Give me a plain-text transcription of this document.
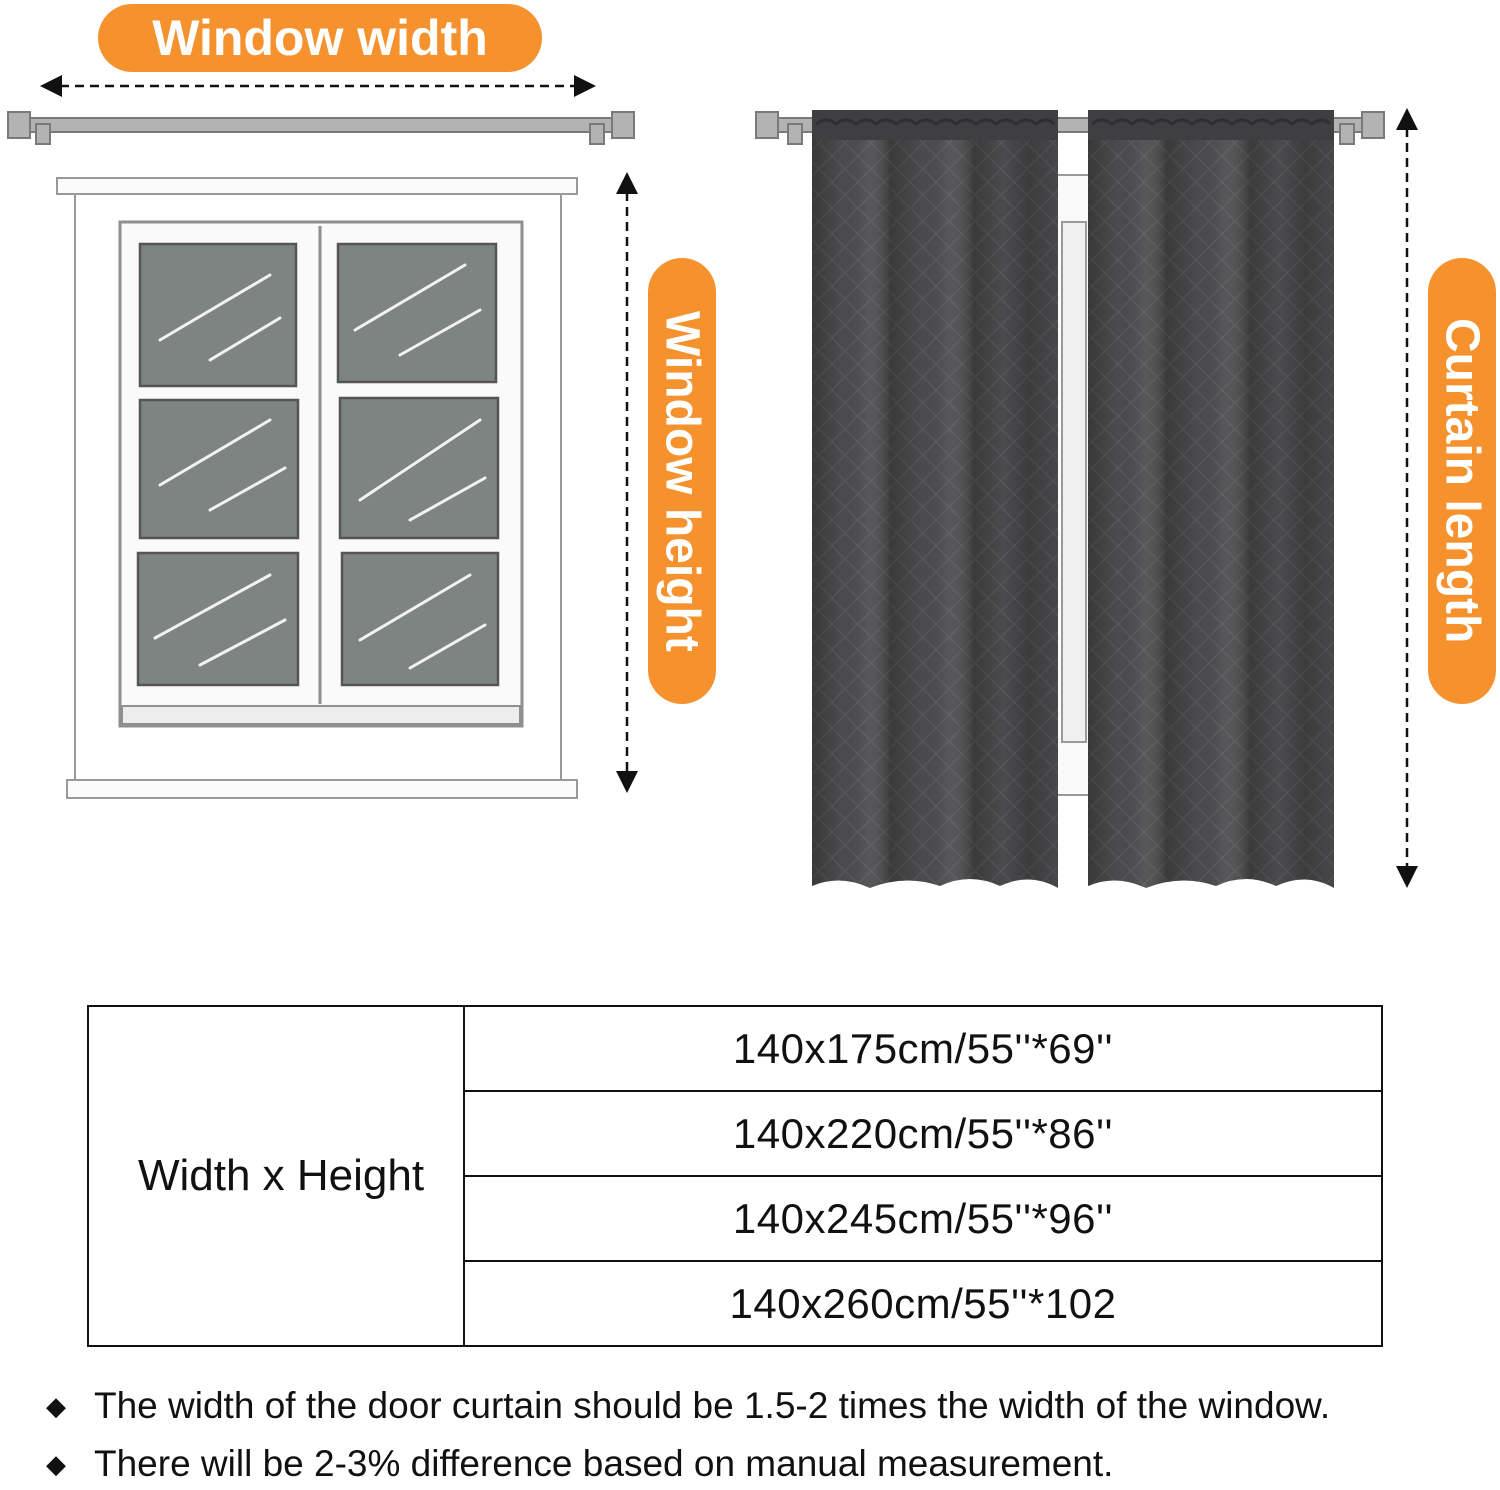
Window width
Window height	Curtain length
Width x Height	140x175cm/55''*69''
140x220cm/55''*86''
140x245cm/55''*96''
140x260cm/55''*102
◆ The width of the door curtain should be 1.5-2 times the width of the window.
◆ There will be 2-3% difference based on manual measurement.
